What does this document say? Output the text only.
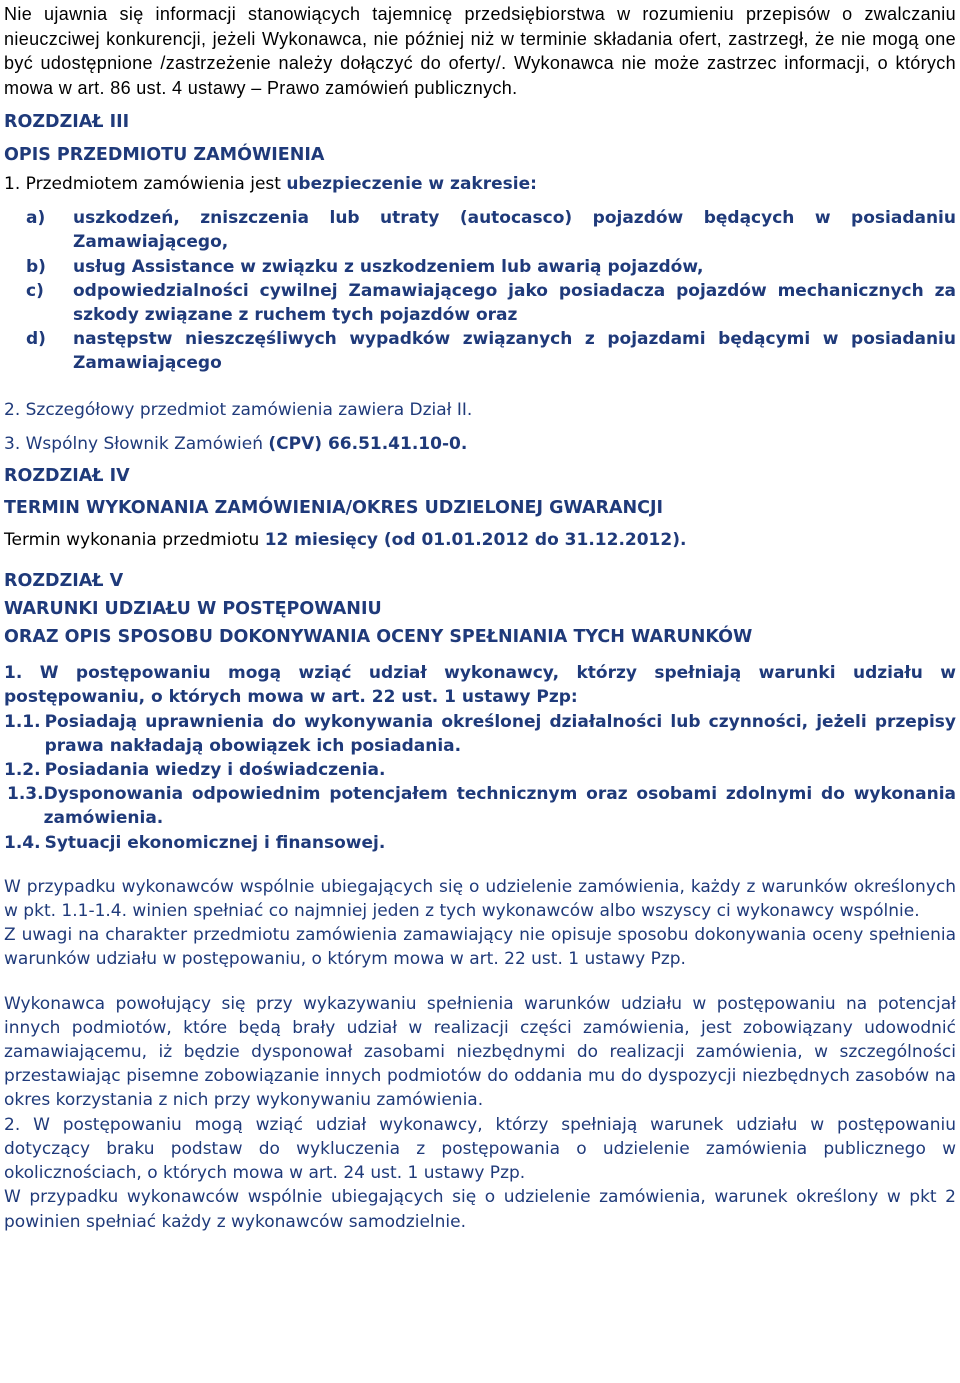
Nie ujawnia się informacji stanowiących tajemnicę przedsiębiorstwa w rozumieniu przepisów o zwalczaniu nieuczciwej konkurencji, jeżeli Wykonawca, nie później niż w terminie składania ofert, zastrzegł, że nie mogą one być udostępnione /zastrzeżenie należy dołączyć do oferty/. Wykonawca nie może zastrzec informacji, o których mowa w art. 86 ust. 4 ustawy – Prawo zamówień publicznych.

ROZDZIAŁ III

OPIS PRZEDMIOTU ZAMÓWIENIA

1. Przedmiotem zamówienia jest ubezpieczenie w zakresie:

a)	uszkodzeń, zniszczenia lub utraty (autocasco) pojazdów będących w posiadaniu Zamawiającego,
b)	usług Assistance w związku z uszkodzeniem lub awarią pojazdów,
c)	odpowiedzialności cywilnej Zamawiającego jako posiadacza pojazdów mechanicznych za szkody związane z ruchem tych pojazdów oraz
d)	następstw nieszczęśliwych wypadków związanych z pojazdami będącymi w posiadaniu Zamawiającego

2. Szczegółowy przedmiot zamówienia zawiera Dział II.

3. Wspólny Słownik Zamówień (CPV) 66.51.41.10-0.

ROZDZIAŁ IV

TERMIN WYKONANIA ZAMÓWIENIA/OKRES UDZIELONEJ GWARANCJI

Termin wykonania przedmiotu 12 miesięcy (od 01.01.2012 do 31.12.2012).

ROZDZIAŁ V

WARUNKI UDZIAŁU W POSTĘPOWANIU

ORAZ OPIS SPOSOBU DOKONYWANIA OCENY SPEŁNIANIA TYCH WARUNKÓW

1. W postępowaniu mogą wziąć udział wykonawcy, którzy spełniają warunki udziału w postępowaniu, o których mowa w art. 22 ust. 1 ustawy Pzp:

1.1. Posiadają uprawnienia do wykonywania określonej działalności lub czynności, jeżeli przepisy prawa nakładają obowiązek ich posiadania.
1.2. Posiadania wiedzy i doświadczenia.
1.3. Dysponowania odpowiednim potencjałem technicznym oraz osobami zdolnymi do wykonania zamówienia.
1.4. Sytuacji ekonomicznej i finansowej.

W przypadku wykonawców wspólnie ubiegających się o udzielenie zamówienia, każdy z warunków określonych w pkt. 1.1-1.4. winien spełniać co najmniej jeden z tych wykonawców albo wszyscy ci wykonawcy wspólnie.

Z uwagi na charakter przedmiotu zamówienia zamawiający nie opisuje sposobu dokonywania oceny spełnienia warunków udziału w postępowaniu, o którym mowa w art. 22 ust. 1 ustawy Pzp.

Wykonawca powołujący się przy wykazywaniu spełnienia warunków udziału w postępowaniu na potencjał innych podmiotów, które będą brały udział w realizacji części zamówienia, jest zobowiązany udowodnić zamawiającemu, iż będzie dysponował zasobami niezbędnymi do realizacji zamówienia, w szczególności przestawiając pisemne zobowiązanie innych podmiotów do oddania mu do dyspozycji niezbędnych zasobów na okres korzystania z nich przy wykonywaniu zamówienia.

2. W postępowaniu mogą wziąć udział wykonawcy, którzy spełniają warunek udziału w postępowaniu dotyczący braku podstaw do wykluczenia z postępowania o udzielenie zamówienia publicznego w okolicznościach, o których mowa w art. 24 ust. 1 ustawy Pzp.

W przypadku wykonawców wspólnie ubiegających się o udzielenie zamówienia, warunek określony w pkt 2 powinien spełniać każdy z wykonawców samodzielnie.
